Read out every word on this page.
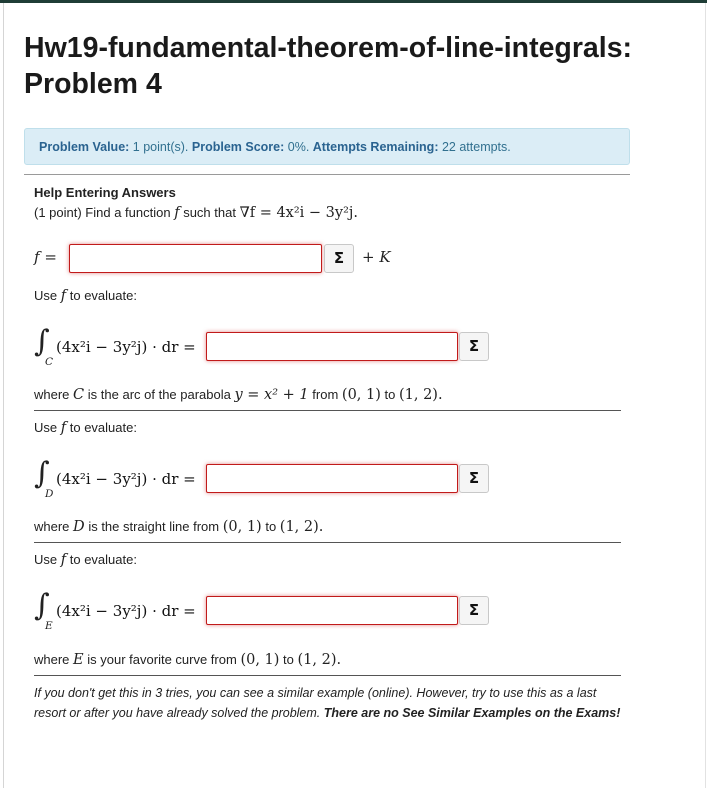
Hw19-fundamental-theorem-of-line-integrals: Problem 4
Problem Value: 1 point(s). Problem Score: 0%. Attempts Remaining: 22 attempts.
Help Entering Answers
(1 point) Find a function f such that ∇f = 4x²i − 3y²j.
f =	Σ	+ K
Use f to evaluate:
∫
C
(4x²i − 3y²j) · dr =	Σ
where C is the arc of the parabola y = x² + 1 from (0, 1) to (1, 2).
Use f to evaluate:
∫
D
(4x²i − 3y²j) · dr =	Σ
where D is the straight line from (0, 1) to (1, 2).
Use f to evaluate:
∫
E
(4x²i − 3y²j) · dr =	Σ
where E is your favorite curve from (0, 1) to (1, 2).
If you don't get this in 3 tries, you can see a similar example (online). However, try to use this as a last resort or after you have already solved the problem. There are no See Similar Examples on the Exams!
